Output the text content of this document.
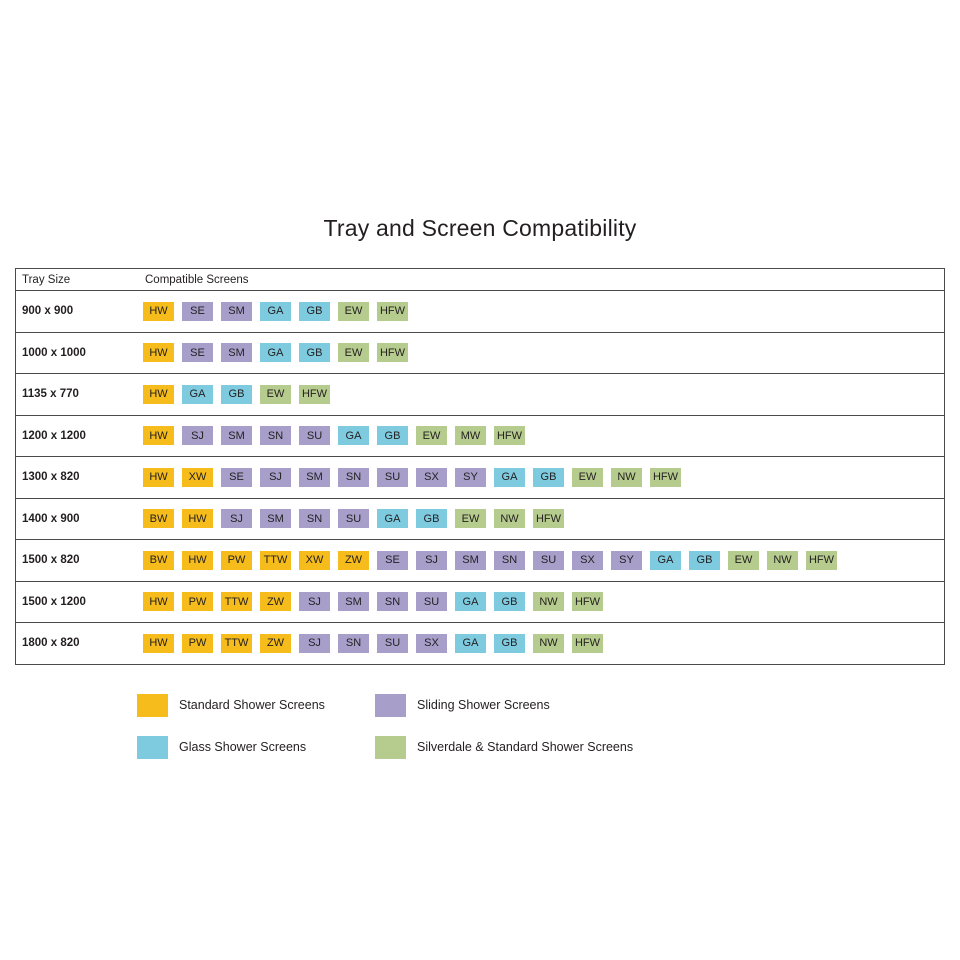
Tray and Screen Compatibility
Tray Size	Compatible Screens
900 x 900	HW	SE	SM	GA	GB	EW	HFW
1000 x 1000	HW	SE	SM	GA	GB	EW	HFW
1135 x 770	HW	GA	GB	EW	HFW
1200 x 1200	HW	SJ	SM	SN	SU	GA	GB	EW	MW	HFW
1300 x 820	HW	XW	SE	SJ	SM	SN	SU	SX	SY	GA	GB	EW	NW	HFW
1400 x 900	BW	HW	SJ	SM	SN	SU	GA	GB	EW	NW	HFW
1500 x 820	BW	HW	PW	TTW	XW	ZW	SE	SJ	SM	SN	SU	SX	SY	GA	GB	EW	NW	HFW
1500 x 1200	HW	PW	TTW	ZW	SJ	SM	SN	SU	GA	GB	NW	HFW
1800 x 820	HW	PW	TTW	ZW	SJ	SN	SU	SX	GA	GB	NW	HFW
Standard Shower Screens	Sliding Shower Screens
Glass Shower Screens	Silverdale & Standard Shower Screens
